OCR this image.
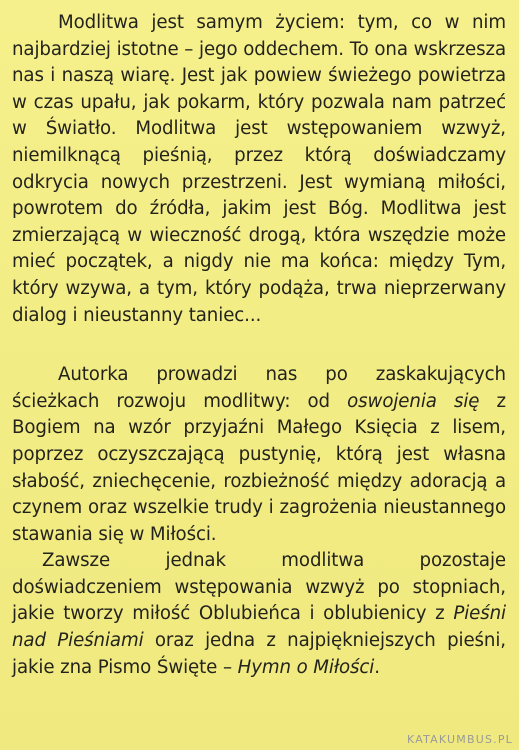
Modlitwa jest samym życiem: tym, co w nim najbardziej istotne – jego oddechem. To ona wskrzesza nas i naszą wiarę. Jest jak powiew świeżego powietrza w czas upału, jak pokarm, który pozwala nam patrzeć w Światło. Modlitwa jest wstępowaniem wzwyż, niemilknącą pieśnią, przez którą doświadczamy odkrycia nowych przestrzeni. Jest wymianą miłości, powrotem do źródła, jakim jest Bóg. Modlitwa jest zmierzającą w wieczność drogą, która wszędzie może mieć początek, a nigdy nie ma końca: między Tym, który wzywa, a tym, który podąża, trwa nieprzerwany dialog i nieustanny taniec...

Autorka prowadzi nas po zaskakujących ścieżkach rozwoju modlitwy: od oswojenia się z Bogiem na wzór przyjaźni Małego Księcia z lisem, poprzez oczyszczającą pustynię, którą jest własna słabość, zniechęcenie, rozbieżność między adoracją a czynem oraz wszelkie trudy i zagrożenia nieustannego stawania się w Miłości.

Zawsze jednak modlitwa pozostaje doświadczeniem wstępowania wzwyż po stopniach, jakie tworzy miłość Oblubieńca i oblubienicy z Pieśni nad Pieśniami oraz jedna z najpiękniejszych pieśni, jakie zna Pismo Święte – Hymn o Miłości.

KATAKUMBUS.PL
